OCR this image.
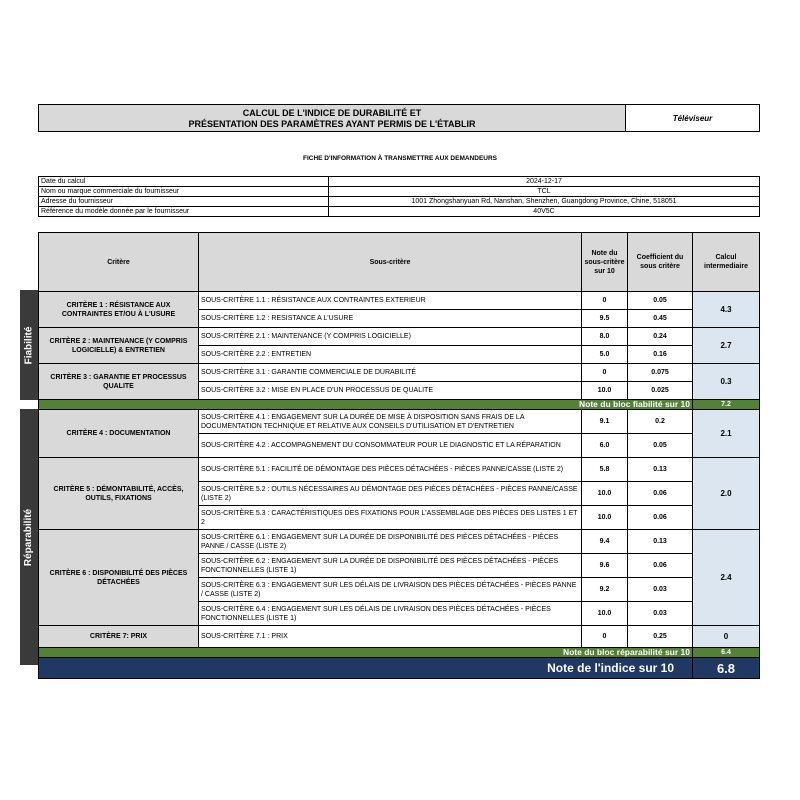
CALCUL DE L'INDICE DE DURABILITÉ ET
PRÉSENTATION DES PARAMÈTRES AYANT PERMIS DE L'ÉTABLIR
Téléviseur
FICHE D'INFORMATION À TRANSMETTRE AUX DEMANDEURS
Date du calcul	2024-12-17
Nom ou marque commerciale du fournisseur	TCL
Adresse du fournisseur	1001 Zhongshanyuan Rd, Nanshan, Shenzhen, Guangdong Province, Chine, 518051
Référence du modèle donnée par le fournisseur	40V5C
Fiabilité
Réparabilité
Critère	Sous-critère	Note du sous-critère sur 10	Coefficient du sous critère	Calcul intermediaire
CRITÈRE 1 : RÉSISTANCE AUX CONTRAINTES ET/OU À L'USURE	SOUS-CRITÈRE 1.1 : RÉSISTANCE AUX CONTRAINTES EXTERIEUR	0	0.05	4.3
	SOUS-CRITÈRE 1.2 : RESISTANCE A L'USURE	9.5	0.45	
CRITÈRE 2 : MAINTENANCE (Y COMPRIS LOGICIELLE) & ENTRETIEN	SOUS-CRITÈRE 2.1 : MAINTENANCE (Y COMPRIS LOGICIELLE)	8.0	0.24	2.7
	SOUS-CRITÈRE 2.2 : ENTRETIEN	5.0	0.16	
CRITÈRE 3 : GARANTIE ET PROCESSUS QUALITE	SOUS-CRITÈRE 3.1 : GARANTIE COMMERCIALE DE DURABILITÉ	0	0.075	0.3
	SOUS-CRITÈRE 3.2 : MISE EN PLACE D'UN PROCESSUS DE QUALITE	10.0	0.025	
Note du bloc fiabilité sur 10				7.2
CRITÈRE 4 : DOCUMENTATION	SOUS-CRITÈRE 4.1 : ENGAGEMENT SUR LA DURÉE DE MISE À DISPOSITION SANS FRAIS DE LA DOCUMENTATION TECHNIQUE ET RELATIVE AUX CONSEILS D'UTILISATION ET D'ENTRETIEN	9.1	0.2	2.1
	SOUS-CRITÈRE 4.2 : ACCOMPAGNEMENT DU CONSOMMATEUR POUR LE DIAGNOSTIC ET LA RÉPARATION	6.0	0.05	
CRITÈRE 5 : DÉMONTABILITÉ, ACCÈS, OUTILS, FIXATIONS	SOUS-CRITÈRE 5.1 : FACILITÉ DE DÉMONTAGE DES PIÈCES DÉTACHÉES - PIÈCES PANNE/CASSE (LISTE 2)	5.8	0.13	2.0
	SOUS-CRITÈRE 5.2 : OUTILS NÉCESSAIRES AU DÉMONTAGE DES PIÈCES DÉTACHÉES - PIÈCES PANNE/CASSE (LISTE 2)	10.0	0.06	
	SOUS-CRITÈRE 5.3 : CARACTÉRISTIQUES DES FIXATIONS POUR L'ASSEMBLAGE DES PIÈCES DES LISTES 1 ET 2	10.0	0.06	
CRITÈRE 6 : DISPONIBILITÉ DES PIÈCES DÉTACHÉES	SOUS-CRITÈRE 6.1 : ENGAGEMENT SUR LA DURÉE DE DISPONIBILITÉ DES PIÈCES DÉTACHÉES - PIÈCES PANNE / CASSE (LISTE 2)	9.4	0.13	2.4
	SOUS-CRITÈRE 6.2 : ENGAGEMENT SUR LA DURÉE DE DISPONIBILITÉ DES PIÈCES DÉTACHÉES - PIÈCES FONCTIONNELLES (LISTE 1)	9.6	0.06	
	SOUS-CRITÈRE 6.3 : ENGAGEMENT SUR LES DÉLAIS DE LIVRAISON DES PIÈCES DÉTACHÉES - PIÈCES PANNE / CASSE (LISTE 2)	9.2	0.03	
	SOUS-CRITÈRE 6.4 : ENGAGEMENT SUR LES DÉLAIS DE LIVRAISON DES PIÈCES DÉTACHÉES - PIÈCES FONCTIONNELLES (LISTE 1)	10.0	0.03	
CRITÈRE 7: PRIX	SOUS-CRITÈRE 7.1 : PRIX	0	0.25	0
Note du bloc réparabilité sur 10				6.4
Note de l'indice sur 10				6.8
